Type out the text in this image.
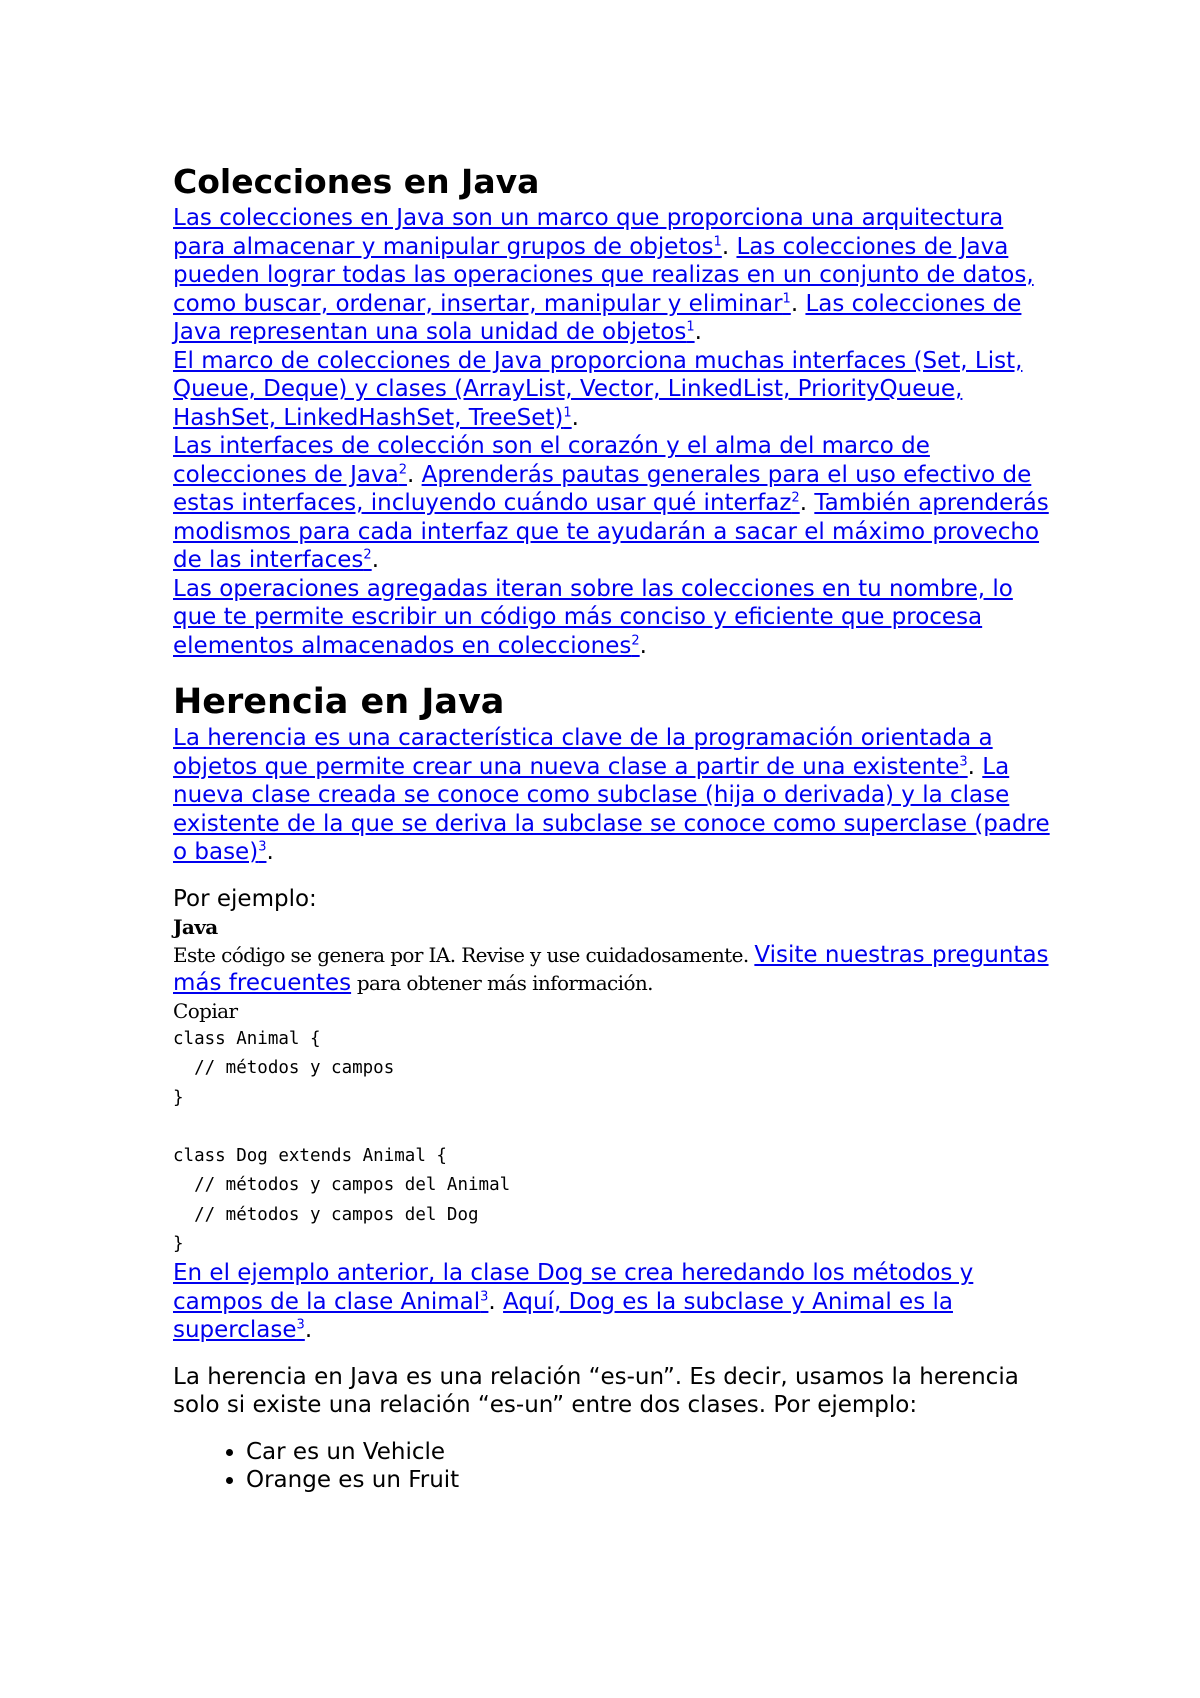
Colecciones en Java

Las colecciones en Java son un marco que proporciona una arquitectura para almacenar y manipular grupos de objetos$^1$. Las colecciones de Java pueden lograr todas las operaciones que realizas en un conjunto de datos, como buscar, ordenar, insertar, manipular y eliminar$^1$. Las colecciones de Java representan una sola unidad de objetos$^1$.

El marco de colecciones de Java proporciona muchas interfaces (Set, List, Queue, Deque) y clases (ArrayList, Vector, LinkedList, PriorityQueue, HashSet, LinkedHashSet, TreeSet)$^1$.

Las interfaces de colección son el corazón y el alma del marco de colecciones de Java$^2$. Aprenderás pautas generales para el uso efectivo de estas interfaces, incluyendo cuándo usar qué interfaz$^2$. También aprenderás modismos para cada interfaz que te ayudarán a sacar el máximo provecho de las interfaces$^2$.

Las operaciones agregadas iteran sobre las colecciones en tu nombre, lo que te permite escribir un código más conciso y eficiente que procesa elementos almacenados en colecciones$^2$.

Herencia en Java

La herencia es una característica clave de la programación orientada a objetos que permite crear una nueva clase a partir de una existente$^3$. La nueva clase creada se conoce como subclase (hija o derivada) y la clase existente de la que se deriva la subclase se conoce como superclase (padre o base)$^3$.

Por ejemplo:

Java
Este código se genera por IA. Revise y use cuidadosamente. Visite nuestras preguntas más frecuentes para obtener más información.
Copiar
class Animal {
// métodos y campos
}

class Dog extends Animal {
// métodos y campos del Animal
// métodos y campos del Dog
}

En el ejemplo anterior, la clase Dog se crea heredando los métodos y campos de la clase Animal$^3$. Aquí, Dog es la subclase y Animal es la superclase$^3$.

La herencia en Java es una relación “es-un”. Es decir, usamos la herencia solo si existe una relación “es-un” entre dos clases. Por ejemplo:

• Car es un Vehicle
• Orange es un Fruit
